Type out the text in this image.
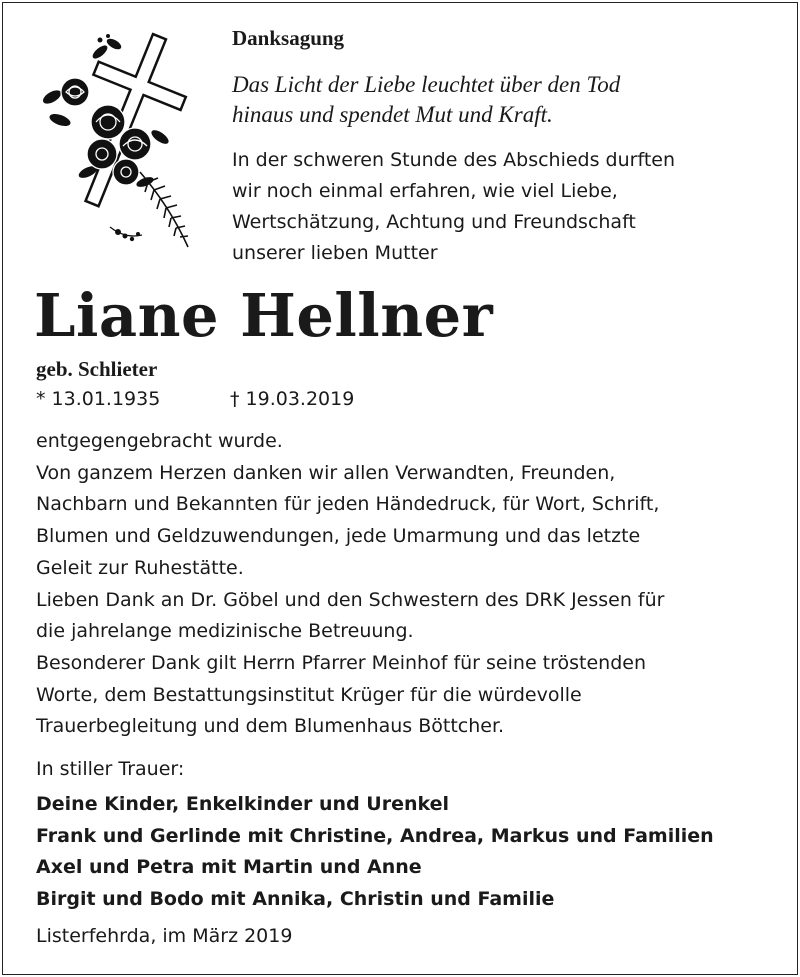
Danksagung

Das Licht der Liebe leuchtet über den Tod
hinaus und spendet Mut und Kraft.

In der schweren Stunde des Abschieds durften
wir noch einmal erfahren, wie viel Liebe,
Wertschätzung, Achtung und Freundschaft
unserer lieben Mutter

Liane Hellner

geb. Schlieter

* 13.01.1935	† 19.03.2019

entgegengebracht wurde.
Von ganzem Herzen danken wir allen Verwandten, Freunden,
Nachbarn und Bekannten für jeden Händedruck, für Wort, Schrift,
Blumen und Geldzuwendungen, jede Umarmung und das letzte
Geleit zur Ruhestätte.
Lieben Dank an Dr. Göbel und den Schwestern des DRK Jessen für
die jahrelange medizinische Betreuung.
Besonderer Dank gilt Herrn Pfarrer Meinhof für seine tröstenden
Worte, dem Bestattungsinstitut Krüger für die würdevolle
Trauerbegleitung und dem Blumenhaus Böttcher.

In stiller Trauer:

Deine Kinder, Enkelkinder und Urenkel
Frank und Gerlinde mit Christine, Andrea, Markus und Familien
Axel und Petra mit Martin und Anne
Birgit und Bodo mit Annika, Christin und Familie

Listerfehrda, im März 2019
